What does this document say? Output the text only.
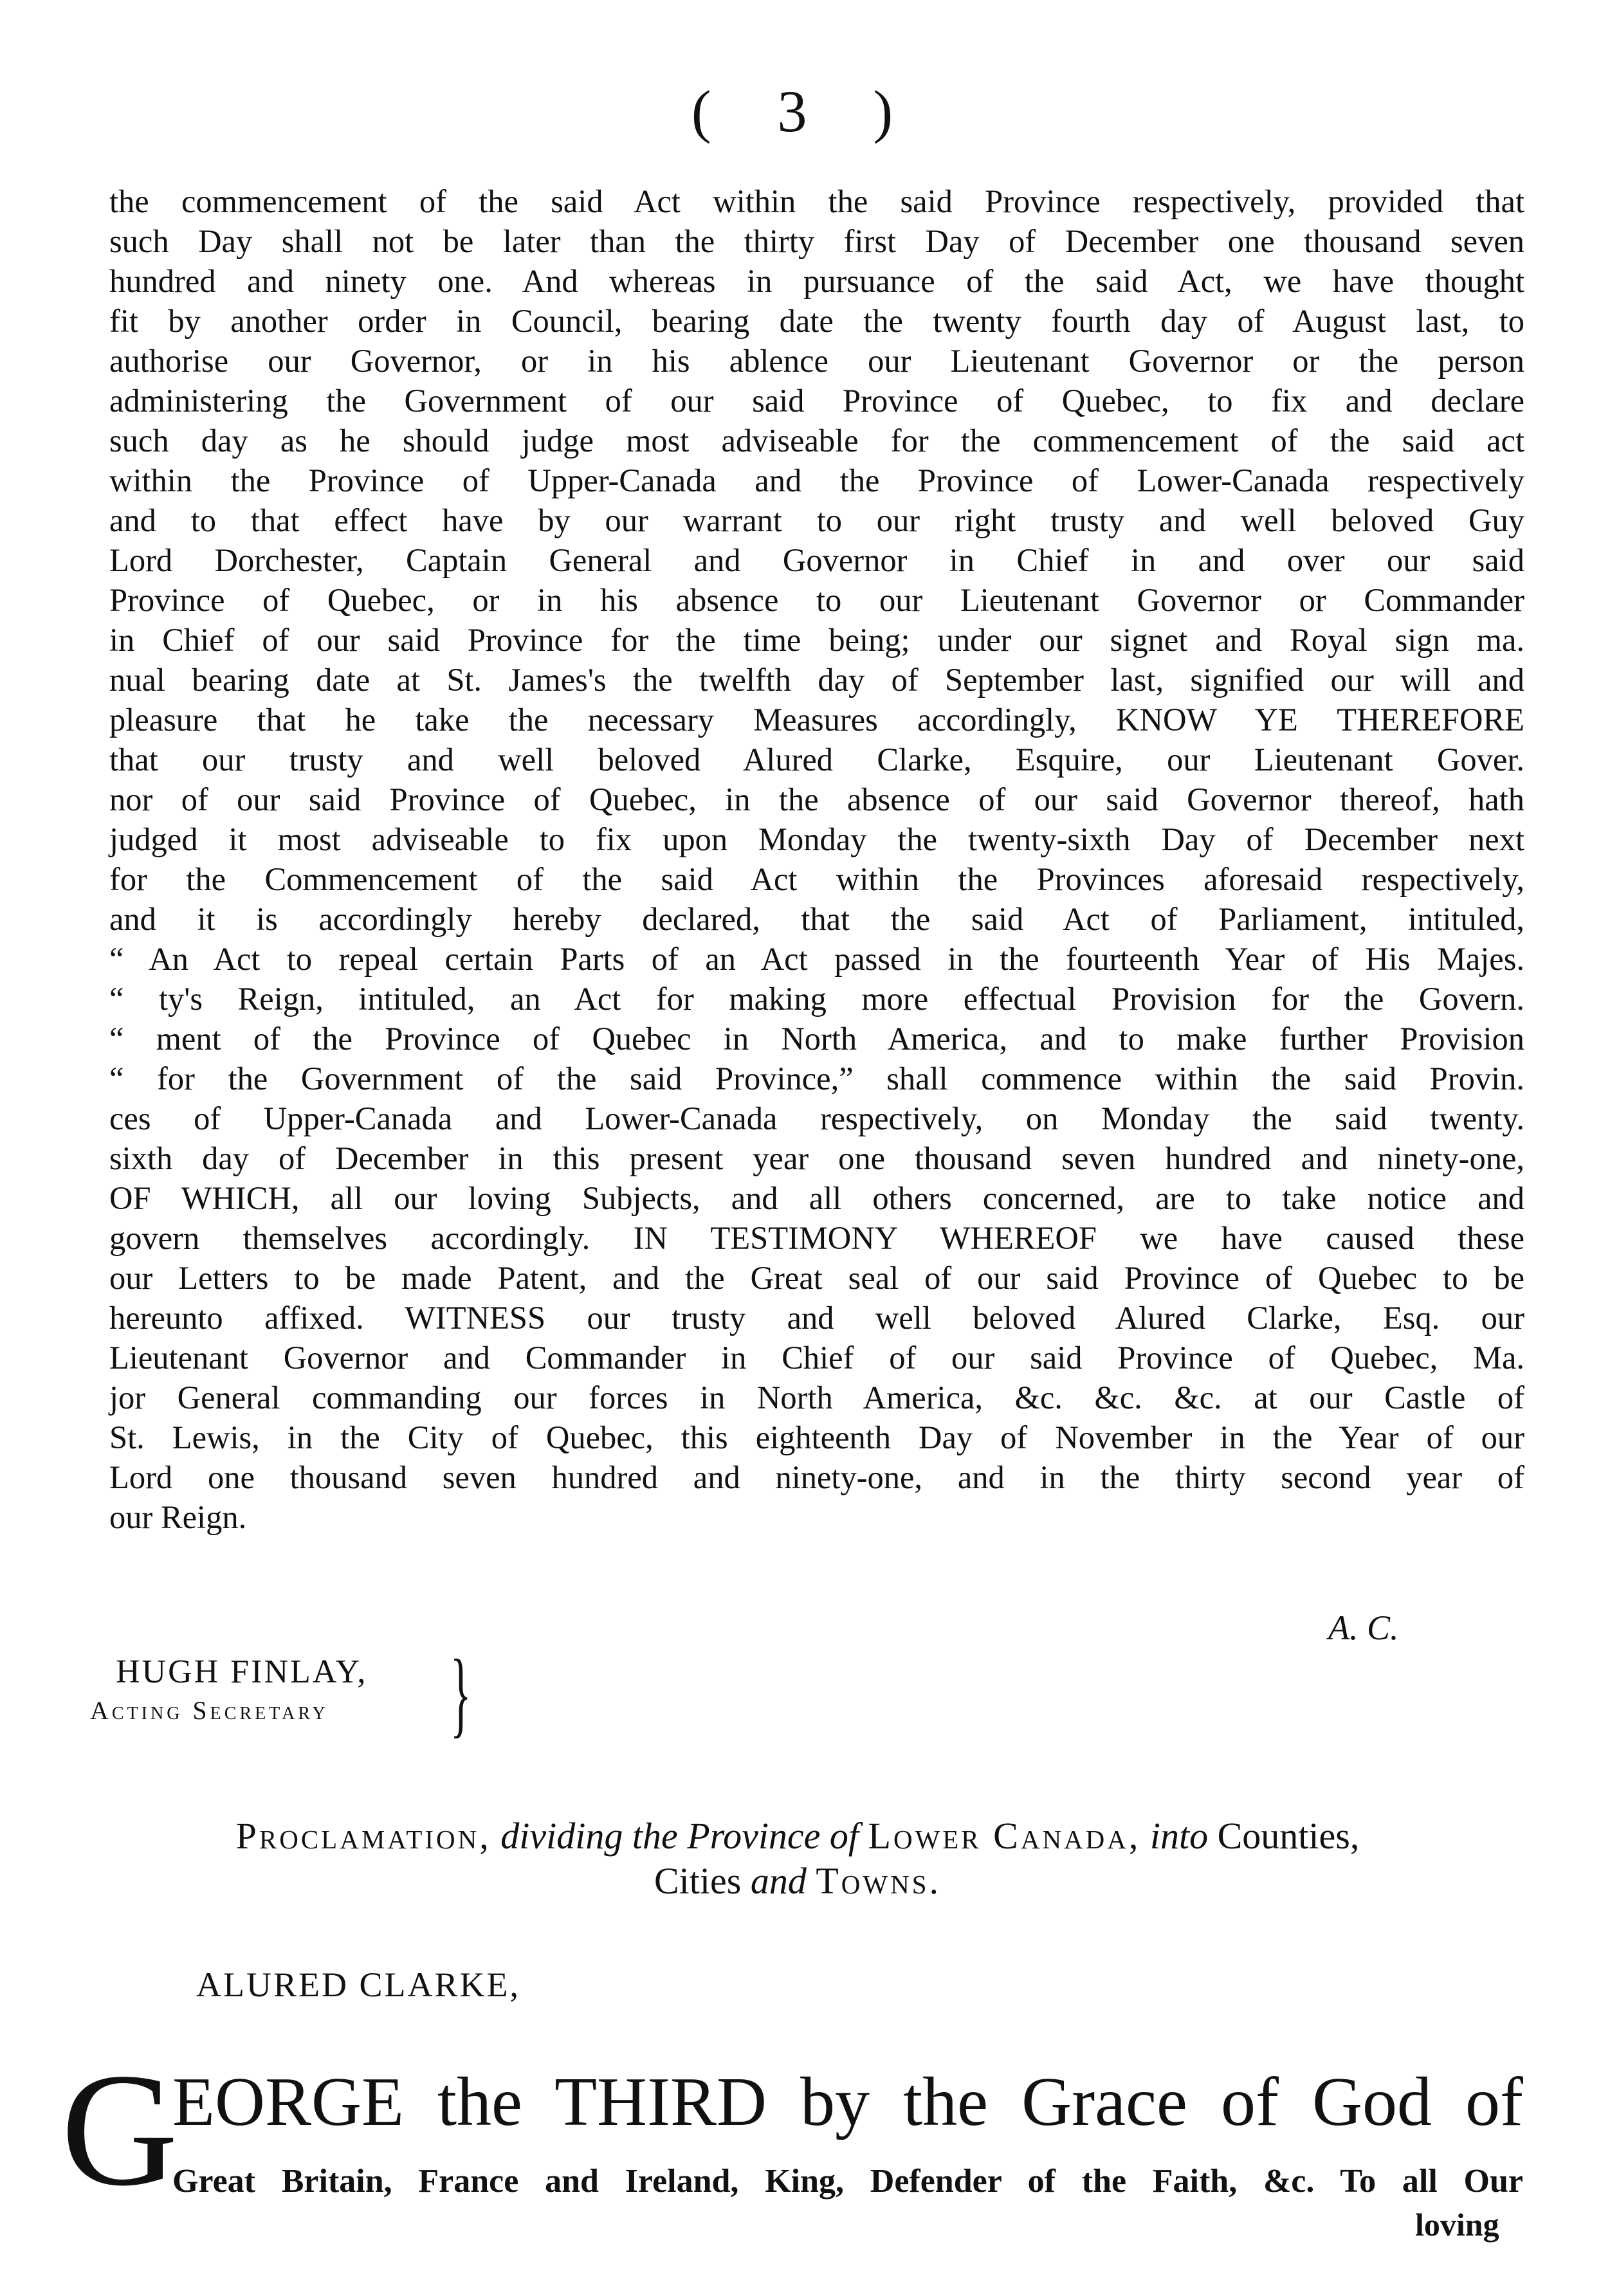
( 3 )
the commencement of the said Act within the said Province respectively, provided that
such Day shall not be later than the thirty first Day of December one thousand seven
hundred and ninety one. And whereas in pursuance of the said Act, we have thought
fit by another order in Council, bearing date the twenty fourth day of August last, to
authorise our Governor, or in his ablence our Lieutenant Governor or the person
administering the Government of our said Province of Quebec, to fix and declare
such day as he should judge most adviseable for the commencement of the said act
within the Province of Upper-Canada and the Province of Lower-Canada respectively
and to that effect have by our warrant to our right trusty and well beloved Guy
Lord Dorchester, Captain General and Governor in Chief in and over our said
Province of Quebec, or in his absence to our Lieutenant Governor or Commander
in Chief of our said Province for the time being; under our signet and Royal sign ma.
nual bearing date at St. James's the twelfth day of September last, signified our will and
pleasure that he take the necessary Measures accordingly, KNOW YE THEREFORE
that our trusty and well beloved Alured Clarke, Esquire, our Lieutenant Gover.
nor of our said Province of Quebec, in the absence of our said Governor thereof, hath
judged it most adviseable to fix upon Monday the twenty-sixth Day of December next
for the Commencement of the said Act within the Provinces aforesaid respectively,
and it is accordingly hereby declared, that the said Act of Parliament, intituled,
“ An Act to repeal certain Parts of an Act passed in the fourteenth Year of His Majes.
“ ty's Reign, intituled, an Act for making more effectual Provision for the Govern.
“ ment of the Province of Quebec in North America, and to make further Provision
“ for the Government of the said Province,” shall commence within the said Provin.
ces of Upper-Canada and Lower-Canada respectively, on Monday the said twenty.
sixth day of December in this present year one thousand seven hundred and ninety-one,
OF WHICH, all our loving Subjects, and all others concerned, are to take notice and
govern themselves accordingly. IN TESTIMONY WHEREOF we have caused these
our Letters to be made Patent, and the Great seal of our said Province of Quebec to be
hereunto affixed. WITNESS our trusty and well beloved Alured Clarke, Esq. our
Lieutenant Governor and Commander in Chief of our said Province of Quebec, Ma.
jor General commanding our forces in North America, &c. &c. &c. at our Castle of
St. Lewis, in the City of Quebec, this eighteenth Day of November in the Year of our
Lord one thousand seven hundred and ninety-one, and in the thirty second year of
our Reign.
A. C.
HUGH FINLAY,
Acting Secretary }
Proclamation, dividing the Province of Lower Canada, into Counties,
Cities and Towns.
ALURED CLARKE,
G
EORGE the THIRD by the Grace of God of
Great Britain, France and Ireland, King, Defender of the Faith, &c. To all Our
loving
